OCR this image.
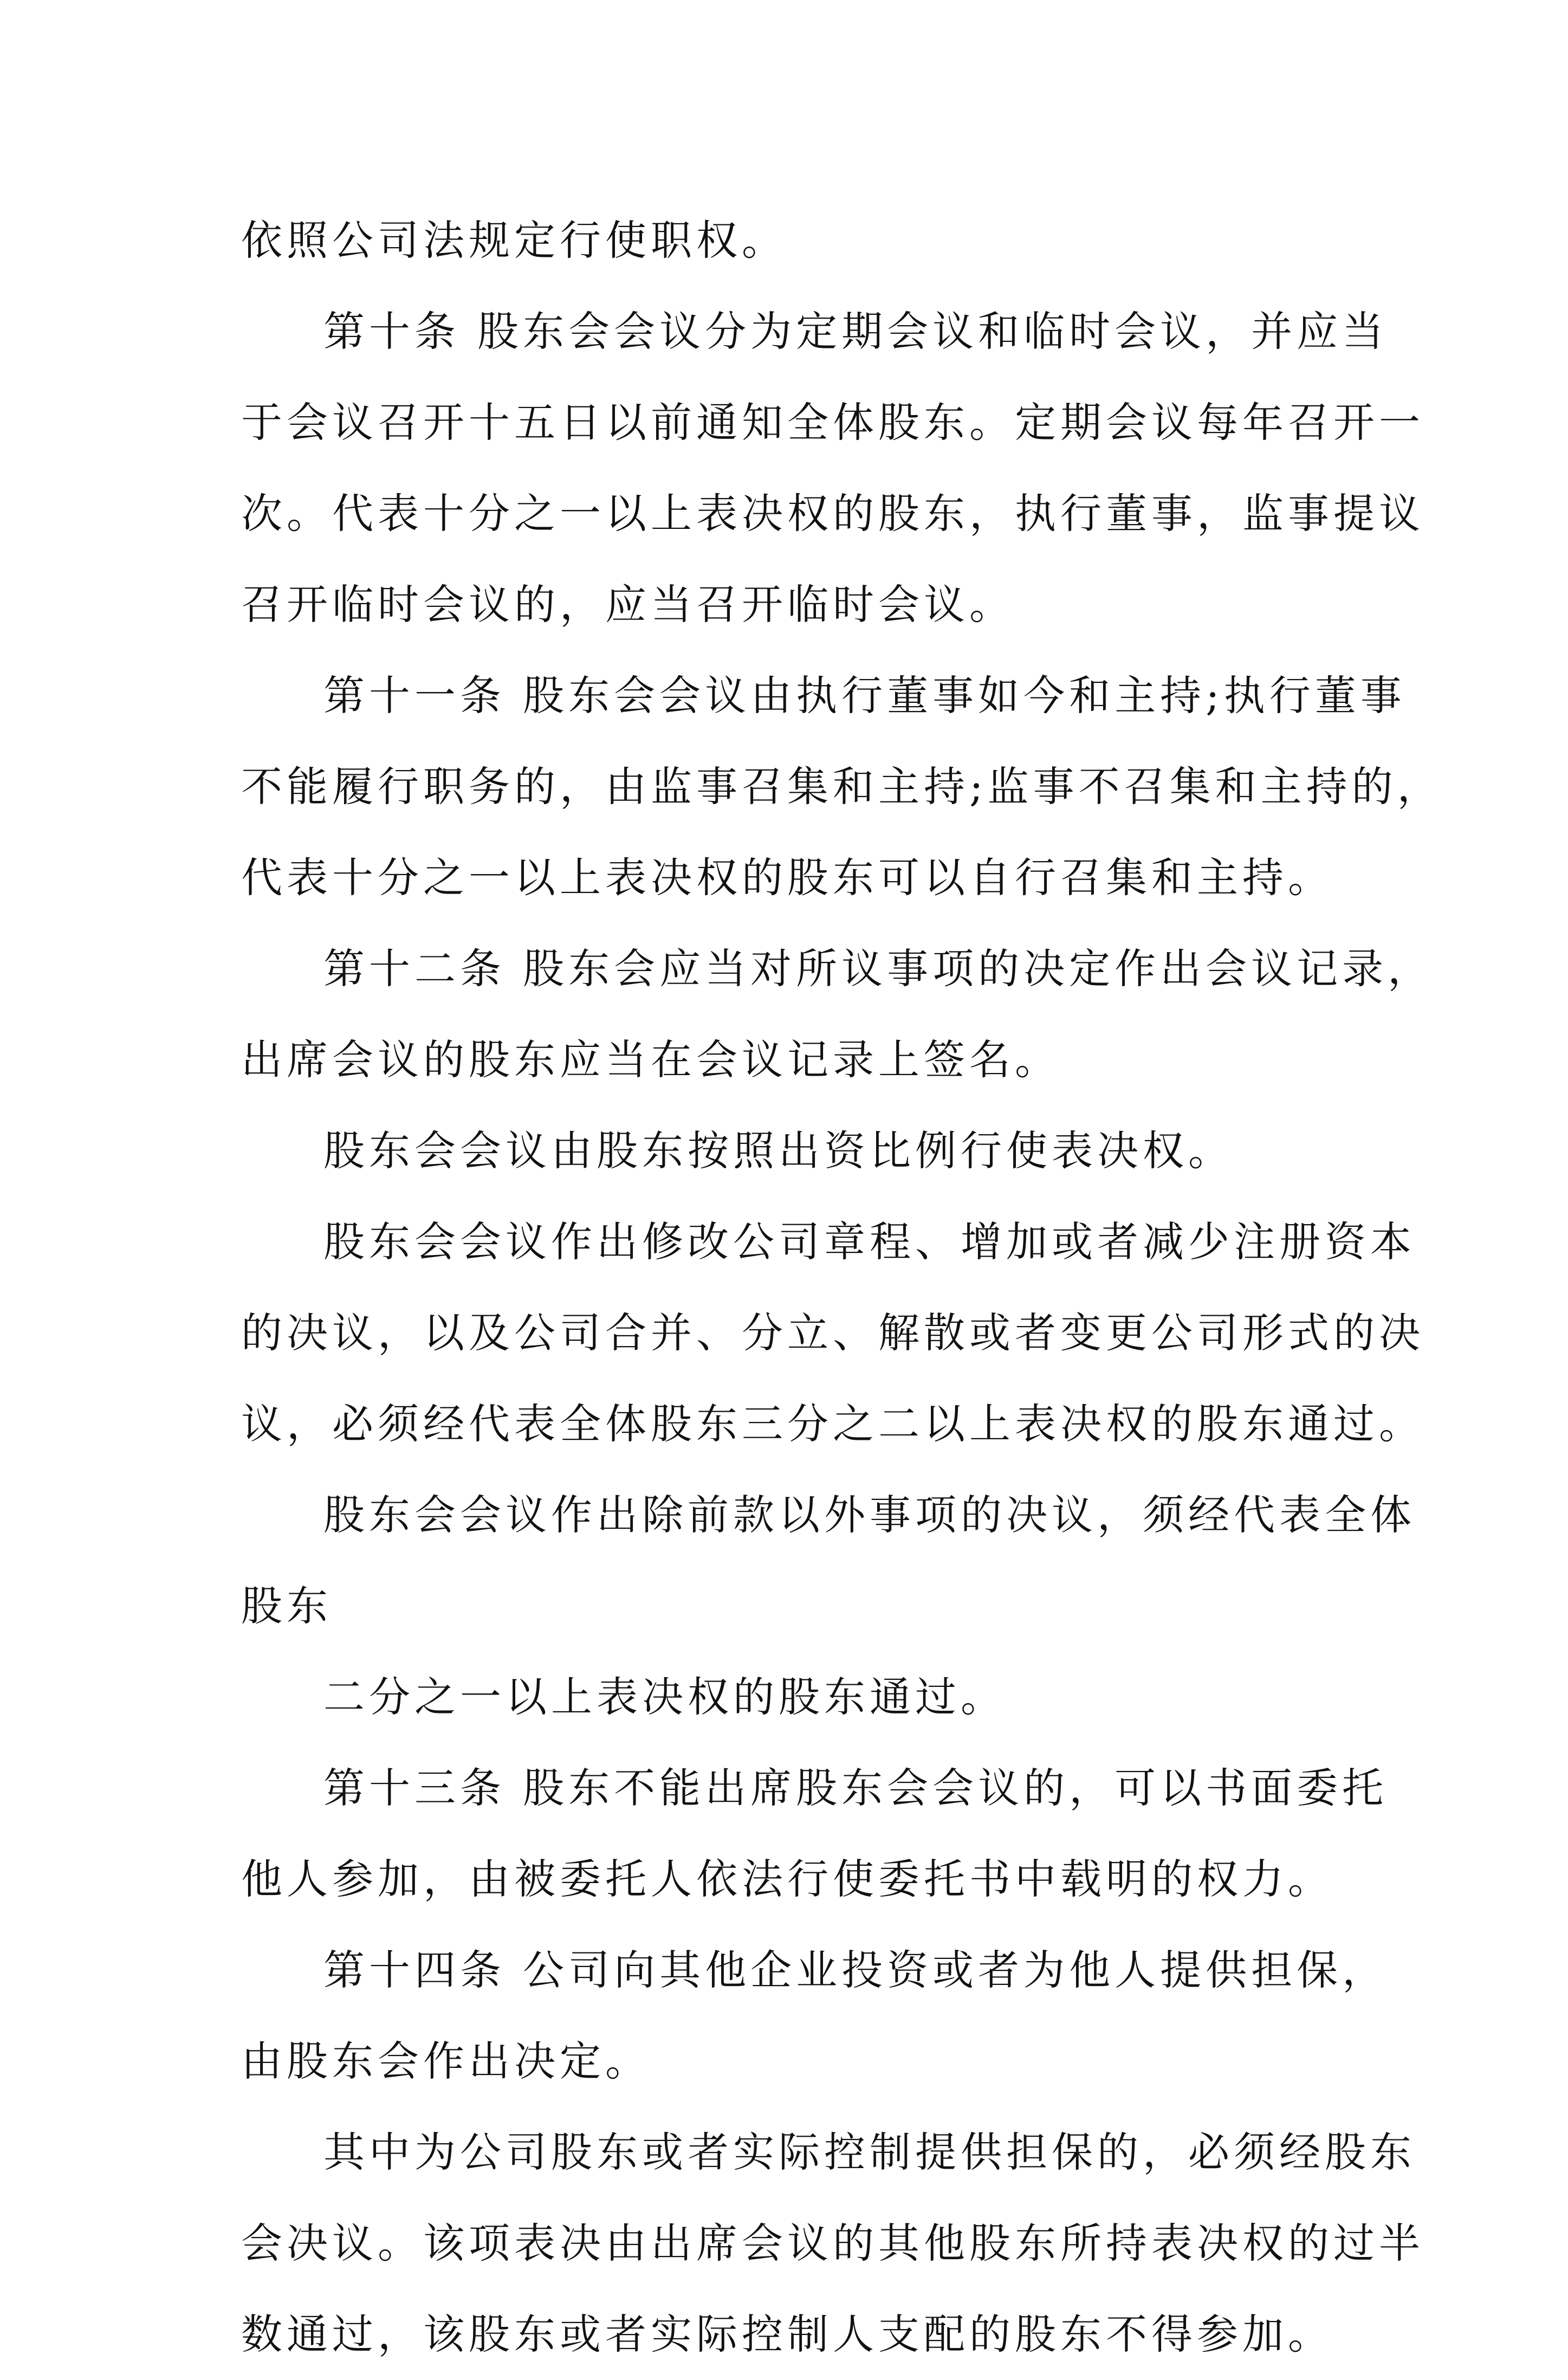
依照公司法规定行使职权。
第十条 股东会会议分为定期会议和临时会议，并应当
于会议召开十五日以前通知全体股东。定期会议每年召开一
次。代表十分之一以上表决权的股东，执行董事，监事提议
召开临时会议的，应当召开临时会议。
第十一条 股东会会议由执行董事如今和主持;执行董事
不能履行职务的，由监事召集和主持;监事不召集和主持的，
代表十分之一以上表决权的股东可以自行召集和主持。
第十二条 股东会应当对所议事项的决定作出会议记录，
出席会议的股东应当在会议记录上签名。
股东会会议由股东按照出资比例行使表决权。
股东会会议作出修改公司章程、增加或者减少注册资本
的决议，以及公司合并、分立、解散或者变更公司形式的决
议，必须经代表全体股东三分之二以上表决权的股东通过。
股东会会议作出除前款以外事项的决议，须经代表全体
股东
二分之一以上表决权的股东通过。
第十三条 股东不能出席股东会会议的，可以书面委托
他人参加，由被委托人依法行使委托书中载明的权力。
第十四条 公司向其他企业投资或者为他人提供担保，
由股东会作出决定。
其中为公司股东或者实际控制提供担保的，必须经股东
会决议。该项表决由出席会议的其他股东所持表决权的过半
数通过，该股东或者实际控制人支配的股东不得参加。
